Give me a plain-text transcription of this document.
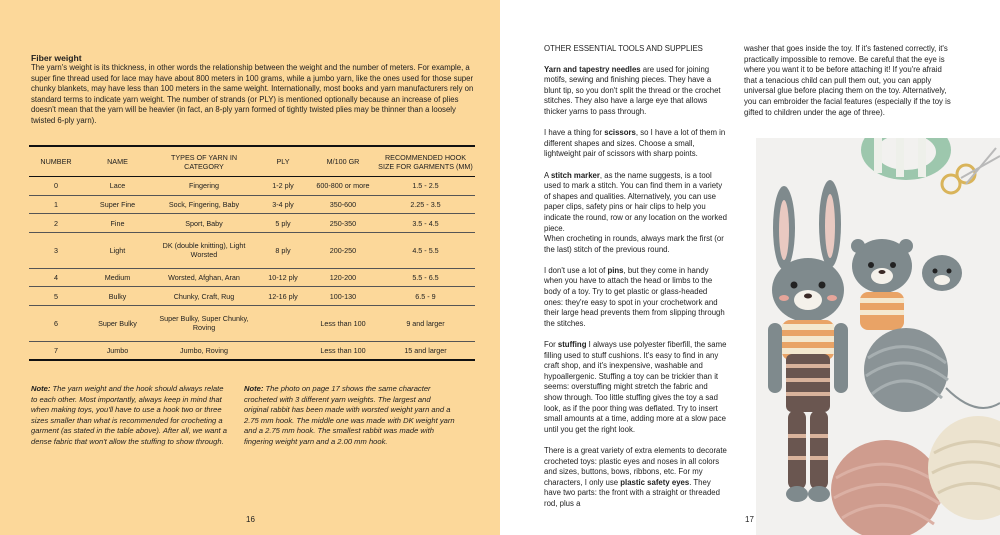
Fiber weight

The yarn's weight is its thickness, in other words the relationship between the weight and the number of meters. For example, a super fine thread used for lace may have about 800 meters in 100 grams, while a jumbo yarn, like the ones used for those super chunky blankets, may have less than 100 meters in the same weight. Internationally, most books and yarn manufacturers rely on standard terms to indicate yarn weight. The number of strands (or PLY) is mentioned optionally because an increase of plies doesn't mean that the yarn will be heavier (in fact, an 8-ply yarn formed of tightly twisted plies may be thinner than a loosely twisted 6-ply yarn).

NUMBER	NAME	TYPES OF YARN IN CATEGORY	PLY	M/100 GR	RECOMMENDED HOOK SIZE FOR GARMENTS (MM)
0	Lace	Fingering	1-2 ply	600-800 or more	1.5 - 2.5
1	Super Fine	Sock, Fingering, Baby	3-4 ply	350-600	2.25 - 3.5
2	Fine	Sport, Baby	5 ply	250-350	3.5 - 4.5
3	Light	DK (double knitting), Light Worsted	8 ply	200-250	4.5 - 5.5
4	Medium	Worsted, Afghan, Aran	10-12 ply	120-200	5.5 - 6.5
5	Bulky	Chunky, Craft, Rug	12-16 ply	100-130	6.5 - 9
6	Super Bulky	Super Bulky, Super Chunky, Roving		Less than 100	9 and larger
7	Jumbo	Jumbo, Roving		Less than 100	15 and larger

Note: The yarn weight and the hook should always relate to each other. Most importantly, always keep in mind that when making toys, you'll have to use a hook two or three sizes smaller than what is recommended for crocheting a garment (as stated in the table above). After all, we want a dense fabric that won't allow the stuffing to show through.

Note: The photo on page 17 shows the same character crocheted with 3 different yarn weights. The largest and original rabbit has been made with worsted weight yarn and a 2.75 mm hook. The middle one was made with DK weight yarn and a 2.75 mm hook. The smallest rabbit was made with fingering weight yarn and a 2.00 mm hook.

16

OTHER ESSENTIAL TOOLS AND SUPPLIES

Yarn and tapestry needles are used for joining motifs, sewing and finishing pieces. They have a blunt tip, so you don't split the thread or the crochet stitches. They also have a large eye that allows thicker yarns to pass through.

I have a thing for scissors, so I have a lot of them in different shapes and sizes. Choose a small, lightweight pair of scissors with sharp points.

A stitch marker, as the name suggests, is a tool used to mark a stitch. You can find them in a variety of shapes and qualities. Alternatively, you can use paper clips, safety pins or hair clips to help you indicate the round, row or any location on the worked piece.

When crocheting in rounds, always mark the first (or the last) stitch of the previous round.

I don't use a lot of pins, but they come in handy when you have to attach the head or limbs to the body of a toy. Try to get plastic or glass-headed ones: they're easy to spot in your crochetwork and their large head prevents them from slipping through the stitches.

For stuffing I always use polyester fiberfill, the same filling used to stuff cushions. It's easy to find in any craft shop, and it's inexpensive, washable and hypoallergenic. Stuffing a toy can be trickier than it seems: overstuffing might stretch the fabric and show through. Too little stuffing gives the toy a sad look, as if the poor thing was deflated. Try to insert small amounts at a time, adding more at a slow pace until you get the right look.

There is a great variety of extra elements to decorate crocheted toys: plastic eyes and noses in all colors and sizes, buttons, bows, ribbons, etc. For my characters, I only use plastic safety eyes. They have two parts: the front with a straight or threaded rod, plus a

washer that goes inside the toy. If it's fastened correctly, it's practically impossible to remove. Be careful that the eye is where you want it to be before attaching it! If you're afraid that a tenacious child can pull them out, you can apply universal glue before placing them on the toy. Alternatively, you can embroider the facial features (especially if the toy is gifted to children under the age of three).

17
